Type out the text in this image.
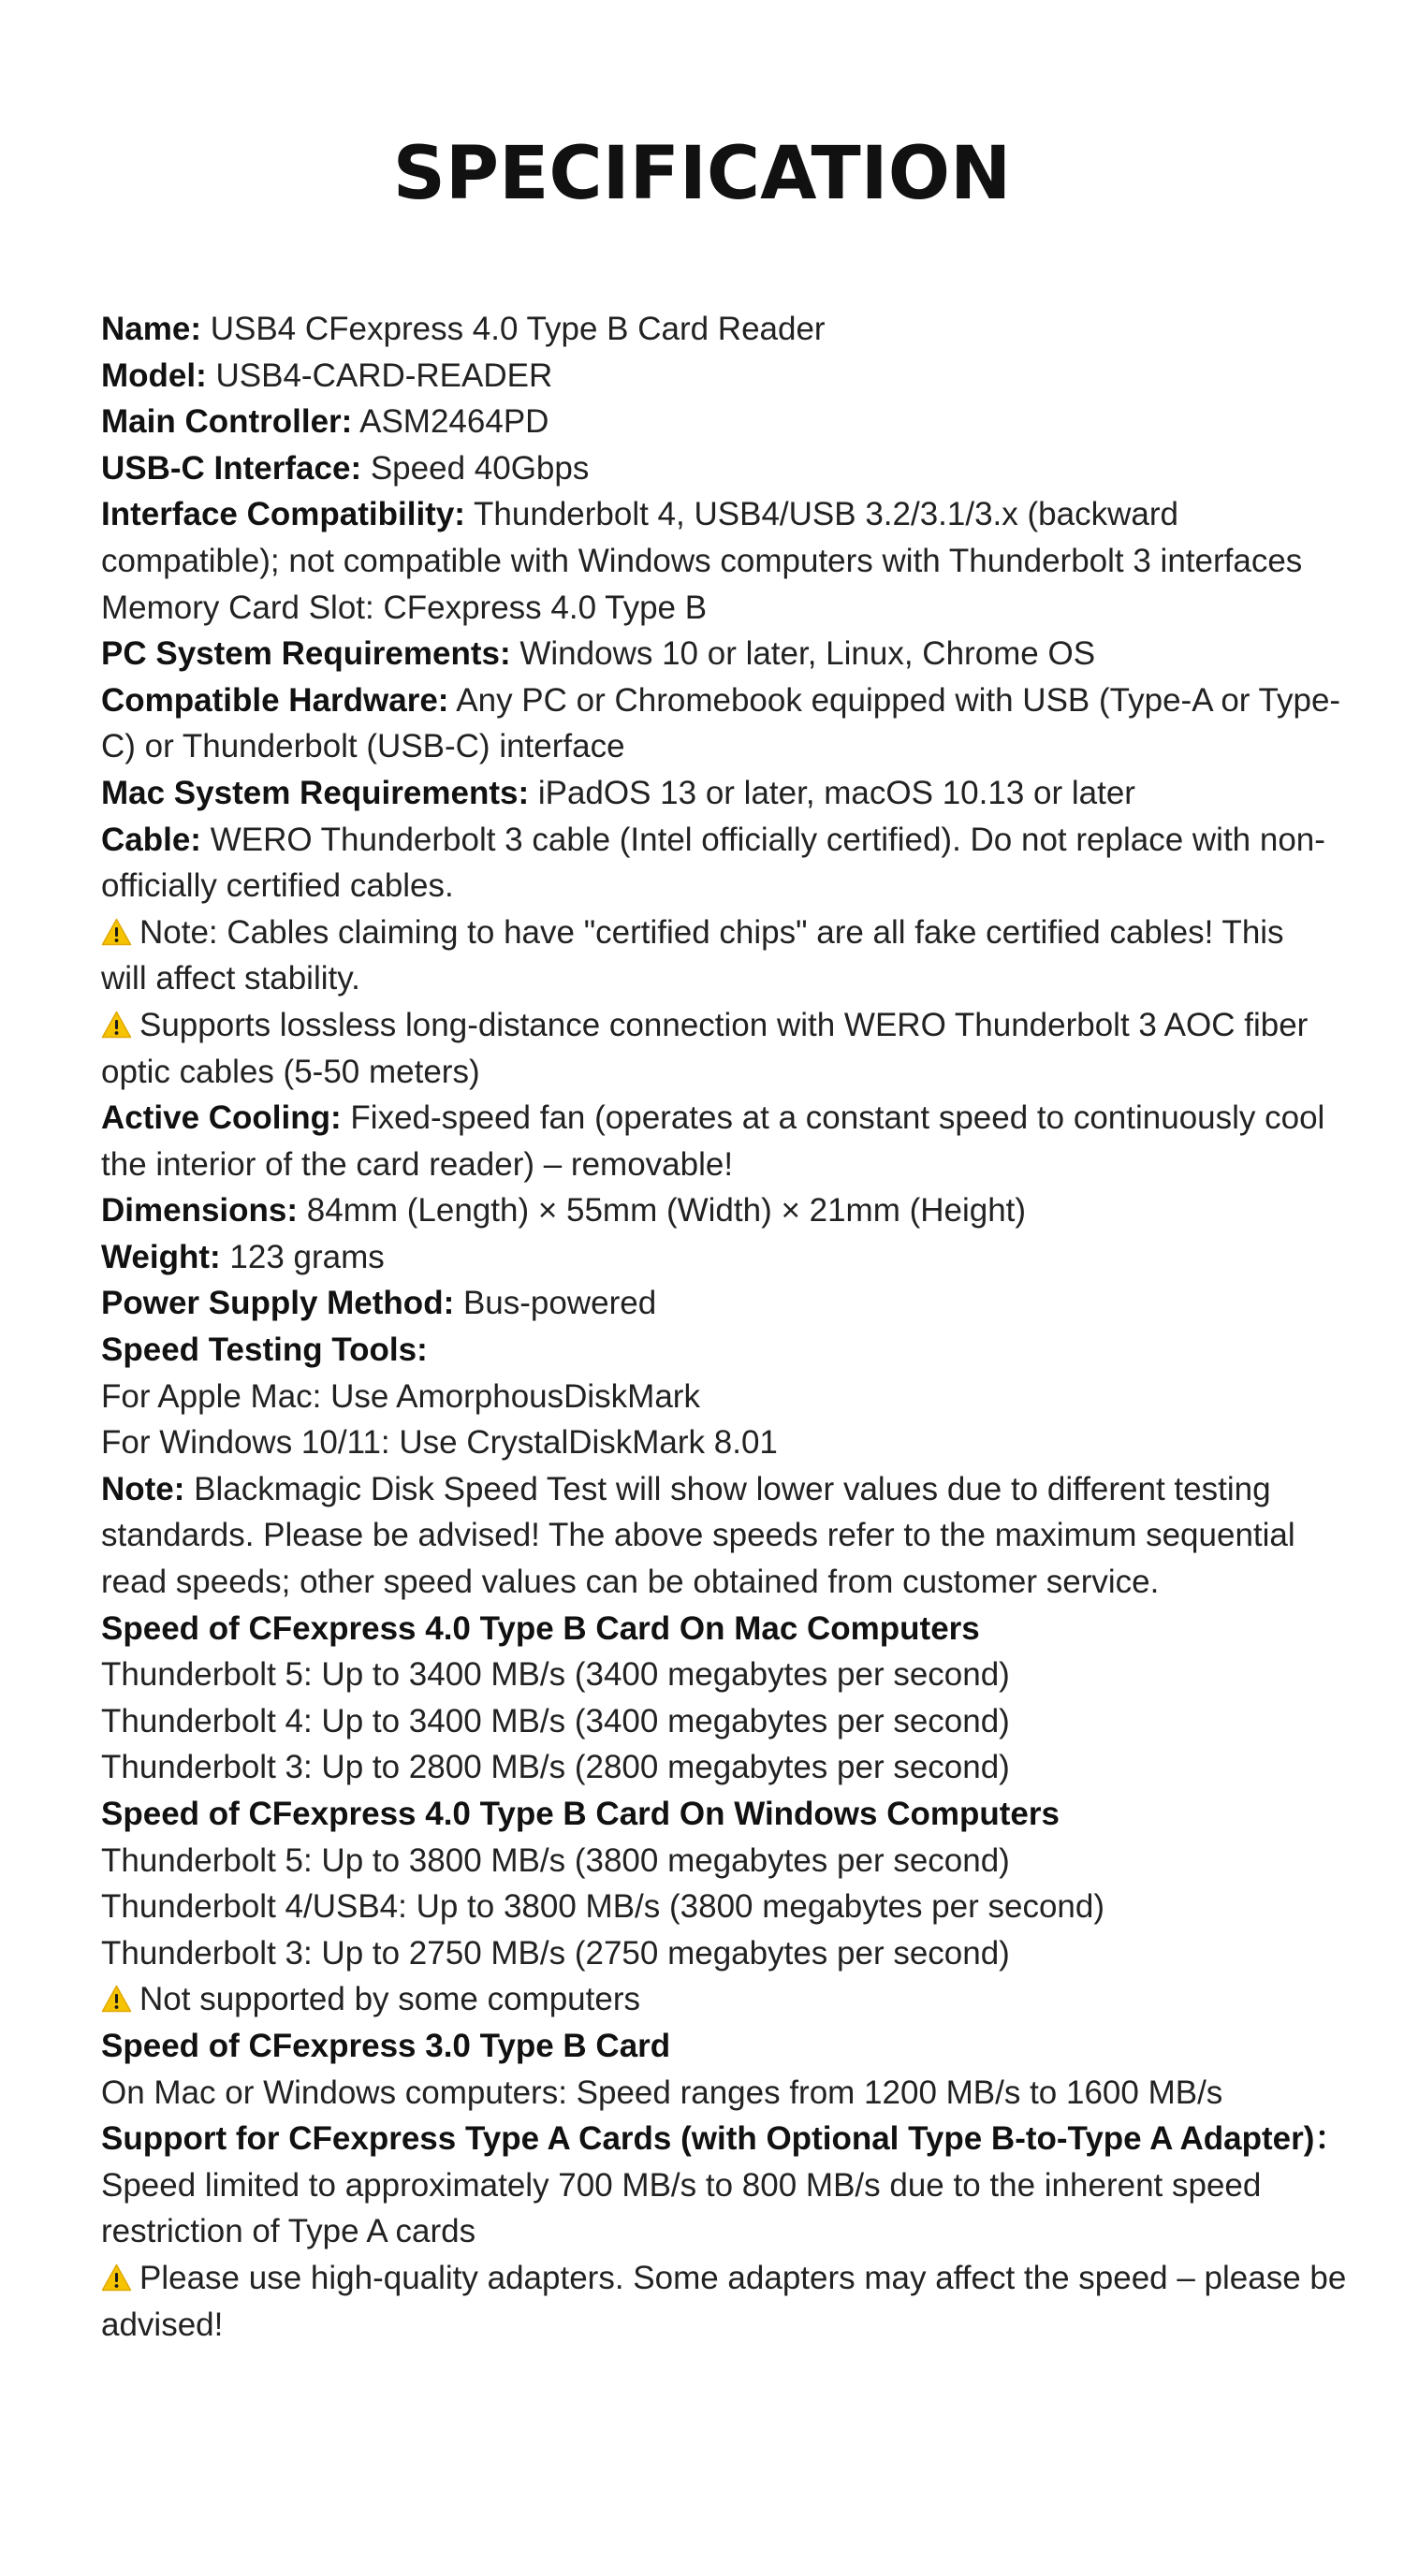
SPECIFICATION
Name: USB4 CFexpress 4.0 Type B Card Reader
Model: USB4-CARD-READER
Main Controller: ASM2464PD
USB-C Interface: Speed 40Gbps
Interface Compatibility: Thunderbolt 4, USB4/USB 3.2/3.1/3.x (backward
compatible); not compatible with Windows computers with Thunderbolt 3 interfaces
Memory Card Slot: CFexpress 4.0 Type B
PC System Requirements: Windows 10 or later, Linux, Chrome OS
Compatible Hardware: Any PC or Chromebook equipped with USB (Type-A or Type-
C) or Thunderbolt (USB-C) interface
Mac System Requirements: iPadOS 13 or later, macOS 10.13 or later
Cable: WERO Thunderbolt 3 cable (Intel officially certified). Do not replace with non-
officially certified cables.
Note: Cables claiming to have "certified chips" are all fake certified cables! This
will affect stability.
Supports lossless long-distance connection with WERO Thunderbolt 3 AOC fiber
optic cables (5-50 meters)
Active Cooling: Fixed-speed fan (operates at a constant speed to continuously cool
the interior of the card reader) – removable!
Dimensions: 84mm (Length) × 55mm (Width) × 21mm (Height)
Weight: 123 grams
Power Supply Method: Bus-powered
Speed Testing Tools:
For Apple Mac: Use AmorphousDiskMark
For Windows 10/11: Use CrystalDiskMark 8.01
Note: Blackmagic Disk Speed Test will show lower values due to different testing
standards. Please be advised! The above speeds refer to the maximum sequential
read speeds; other speed values can be obtained from customer service.
Speed of CFexpress 4.0 Type B Card On Mac Computers
Thunderbolt 5: Up to 3400 MB/s (3400 megabytes per second)
Thunderbolt 4: Up to 3400 MB/s (3400 megabytes per second)
Thunderbolt 3: Up to 2800 MB/s (2800 megabytes per second)
Speed of CFexpress 4.0 Type B Card On Windows Computers
Thunderbolt 5: Up to 3800 MB/s (3800 megabytes per second)
Thunderbolt 4/USB4: Up to 3800 MB/s (3800 megabytes per second)
Thunderbolt 3: Up to 2750 MB/s (2750 megabytes per second)
Not supported by some computers
Speed of CFexpress 3.0 Type B Card
On Mac or Windows computers: Speed ranges from 1200 MB/s to 1600 MB/s
Support for CFexpress Type A Cards (with Optional Type B-to-Type A Adapter)：
Speed limited to approximately 700 MB/s to 800 MB/s due to the inherent speed
restriction of Type A cards
Please use high-quality adapters. Some adapters may affect the speed – please be
advised!
